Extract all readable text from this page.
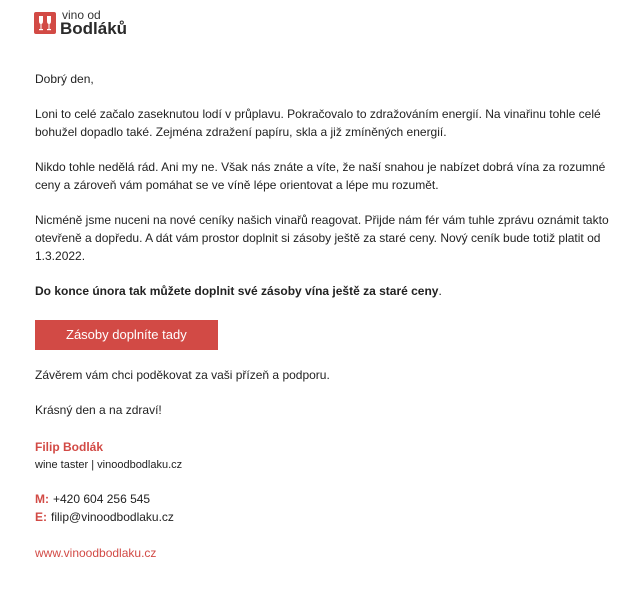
vino od
Bodláků

Dobrý den,

Loni to celé začalo zaseknutou lodí v průplavu. Pokračovalo to zdražováním energií. Na vinařinu tohle celé bohužel dopadlo také. Zejména zdražení papíru, skla a již zmíněných energií.

Nikdo tohle nedělá rád. Ani my ne. Však nás znáte a víte, že naší snahou je nabízet dobrá vína za rozumné ceny a zároveň vám pomáhat se ve víně lépe orientovat a lépe mu rozumět.

Nicméně jsme nuceni na nové ceníky našich vinařů reagovat. Přijde nám fér vám tuhle zprávu oznámit takto otevřeně a dopředu. A dát vám prostor doplnit si zásoby ještě za staré ceny. Nový ceník bude totiž platit od 1.3.2022.

Do konce února tak můžete doplnit své zásoby vína ještě za staré ceny.

Zásoby doplníte tady

Závěrem vám chci poděkovat za vaši přízeň a podporu.

Krásný den a na zdraví!

Filip Bodlák

wine taster | vinoodbodlaku.cz

M: +420 604 256 545

E: filip@vinoodbodlaku.cz

www.vinoodbodlaku.cz
